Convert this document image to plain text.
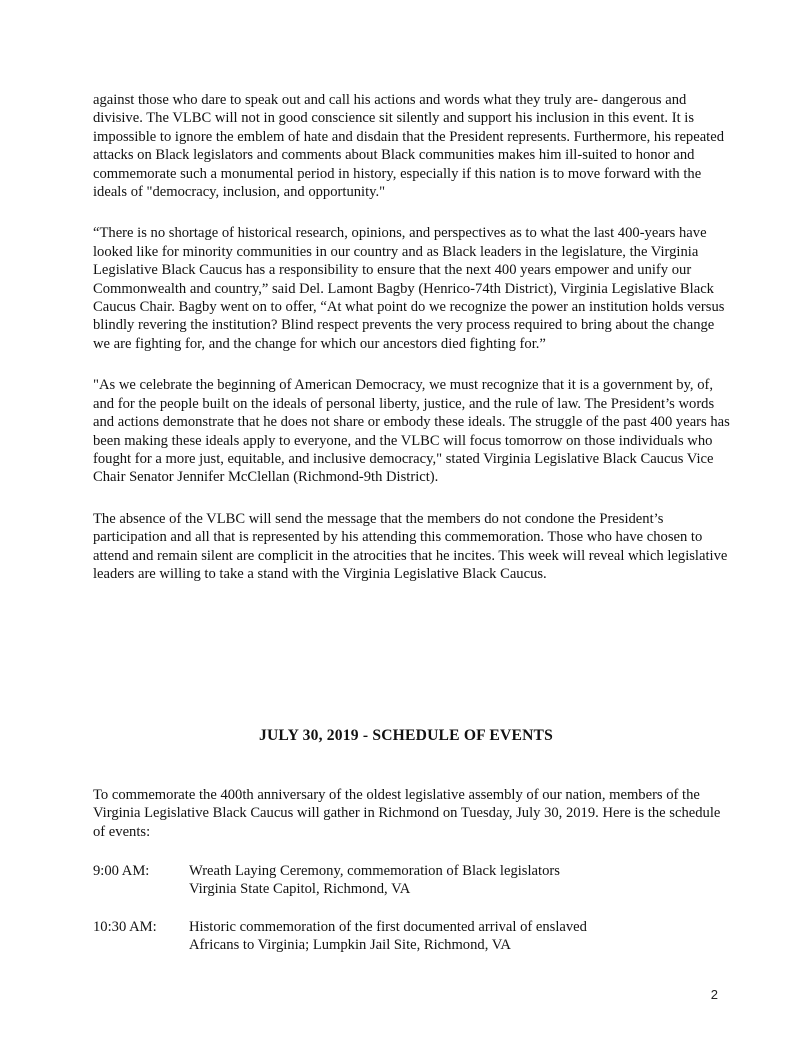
against those who dare to speak out and call his actions and words what they truly are- dangerous and divisive. The VLBC will not in good conscience sit silently and support his inclusion in this event. It is impossible to ignore the emblem of hate and disdain that the President represents. Furthermore, his repeated attacks on Black legislators and comments about Black communities makes him ill-suited to honor and commemorate such a monumental period in history, especially if this nation is to move forward with the ideals of "democracy, inclusion, and opportunity."

“There is no shortage of historical research, opinions, and perspectives as to what the last 400-years have looked like for minority communities in our country and as Black leaders in the legislature, the Virginia Legislative Black Caucus has a responsibility to ensure that the next 400 years empower and unify our Commonwealth and country,” said Del. Lamont Bagby (Henrico-74th District), Virginia Legislative Black Caucus Chair. Bagby went on to offer, “At what point do we recognize the power an institution holds versus blindly revering the institution? Blind respect prevents the very process required to bring about the change we are fighting for, and the change for which our ancestors died fighting for.”

"As we celebrate the beginning of American Democracy, we must recognize that it is a government by, of, and for the people built on the ideals of personal liberty, justice, and the rule of law. The President’s words and actions demonstrate that he does not share or embody these ideals. The struggle of the past 400 years has been making these ideals apply to everyone, and the VLBC will focus tomorrow on those individuals who fought for a more just, equitable, and inclusive democracy," stated Virginia Legislative Black Caucus Vice Chair Senator Jennifer McClellan (Richmond-9th District).

The absence of the VLBC will send the message that the members do not condone the President’s participation and all that is represented by his attending this commemoration. Those who have chosen to attend and remain silent are complicit in the atrocities that he incites. This week will reveal which legislative leaders are willing to take a stand with the Virginia Legislative Black Caucus.

JULY 30, 2019 - SCHEDULE OF EVENTS

To commemorate the 400th anniversary of the oldest legislative assembly of our nation, members of the Virginia Legislative Black Caucus will gather in Richmond on Tuesday, July 30, 2019. Here is the schedule of events:

9:00 AM:	Wreath Laying Ceremony, commemoration of Black legislators
Virginia State Capitol, Richmond, VA
10:30 AM:	Historic commemoration of the first documented arrival of enslaved
Africans to Virginia; Lumpkin Jail Site, Richmond, VA
2
